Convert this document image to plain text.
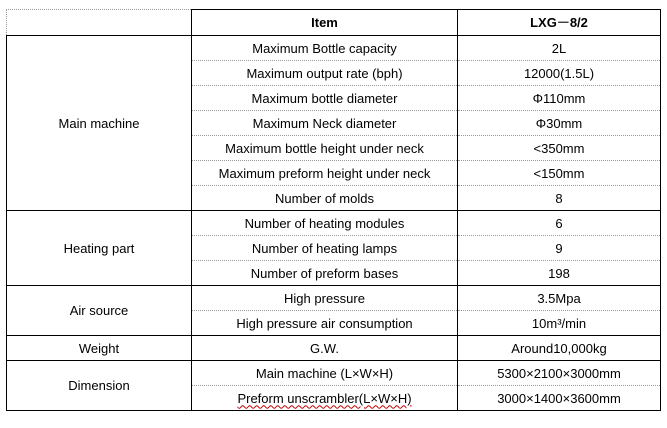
	Item	LXG－8/2
Main machine	Maximum Bottle capacity	2L
	Maximum output rate (bph)	12000(1.5L)
	Maximum bottle diameter	Φ110mm
	Maximum Neck diameter	Φ30mm
	Maximum bottle height under neck	<350mm
	Maximum preform height under neck	<150mm
	Number of molds	8
Heating part	Number of heating modules	6
	Number of heating lamps	9
	Number of preform bases	198
Air source	High pressure	3.5Mpa
	High pressure air consumption	10m³/min
Weight	G.W.	Around10,000kg
Dimension	Main machine (L×W×H)	5300×2100×3000mm
	Preform unscrambler(L×W×H)	3000×1400×3600mm
